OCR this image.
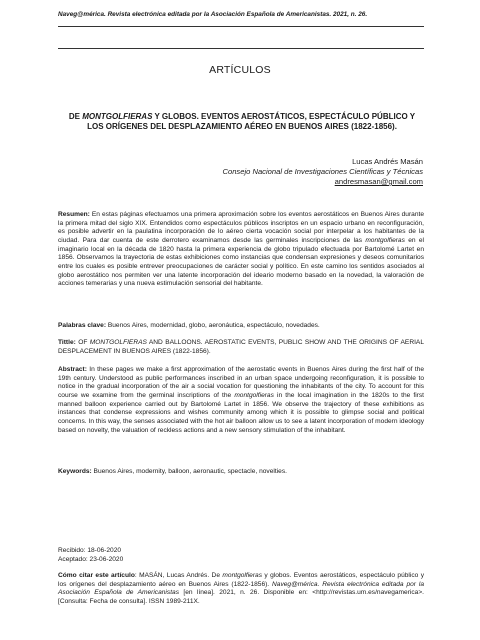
Naveg@mérica. Revista electrónica editada por la Asociación Española de Americanistas. 2021, n. 26.
ARTÍCULOS
DE MONTGOLFIERAS Y GLOBOS. EVENTOS AEROSTÁTICOS, ESPECTÁCULO PÚBLICO Y LOS ORÍGENES DEL DESPLAZAMIENTO AÉREO EN BUENOS AIRES (1822-1856).
Lucas Andrés Masán
Consejo Nacional de Investigaciones Científicas y Técnicas
andresmasan@gmail.com
Resumen: En estas páginas efectuamos una primera aproximación sobre los eventos aerostáticos en Buenos Aires durante la primera mitad del siglo XIX. Entendidos como espectáculos públicos inscriptos en un espacio urbano en reconfiguración, es posible advertir en la paulatina incorporación de lo aéreo cierta vocación social por interpelar a los habitantes de la ciudad. Para dar cuenta de este derrotero examinamos desde las germinales inscripciones de las montgolfieras en el imaginario local en la década de 1820 hasta la primera experiencia de globo tripulado efectuada por Bartolomé Lartet en 1856. Observamos la trayectoria de estas exhibiciones como instancias que condensan expresiones y deseos comunitarios entre los cuales es posible entrever preocupaciones de carácter social y político. En este camino los sentidos asociados al globo aerostático nos permiten ver una latente incorporación del ideario moderno basado en la novedad, la valoración de acciones temerarias y una nueva estimulación sensorial del habitante.
Palabras clave: Buenos Aires, modernidad, globo, aeronáutica, espectáculo, novedades.
Tittle: OF MONTGOLFIERAS AND BALLOONS. AEROSTATIC EVENTS, PUBLIC SHOW AND THE ORIGINS OF AERIAL DESPLACEMENT IN BUENOS AIRES (1822-1856).
Abstract: In these pages we make a first approximation of the aerostatic events in Buenos Aires during the first half of the 19th century. Understood as public performances inscribed in an urban space undergoing reconfiguration, it is possible to notice in the gradual incorporation of the air a social vocation for questioning the inhabitants of the city. To account for this course we examine from the germinal inscriptions of the montgolfieras in the local imagination in the 1820s to the first manned balloon experience carried out by Bartolomé Lartet in 1856. We observe the trajectory of these exhibitions as instances that condense expressions and wishes community among which it is possible to glimpse social and political concerns. In this way, the senses associated with the hot air balloon allow us to see a latent incorporation of modern ideology based on novelty, the valuation of reckless actions and a new sensory stimulation of the inhabitant.
Keywords: Buenos Aires, modernity, balloon, aeronautic, spectacle, novelties.
Recibido: 18-06-2020
Aceptado: 23-06-2020
Cómo citar este artículo: MASÁN, Lucas Andrés. De montgolfieras y globos. Eventos aerostáticos, espectáculo público y los orígenes del desplazamiento aéreo en Buenos Aires (1822-1856). Naveg@mérica. Revista electrónica editada por la Asociación Española de Americanistas [en línea]. 2021, n. 26. Disponible en: <http://revistas.um.es/navegamerica>. [Consulta: Fecha de consulta]. ISSN 1989-211X.
